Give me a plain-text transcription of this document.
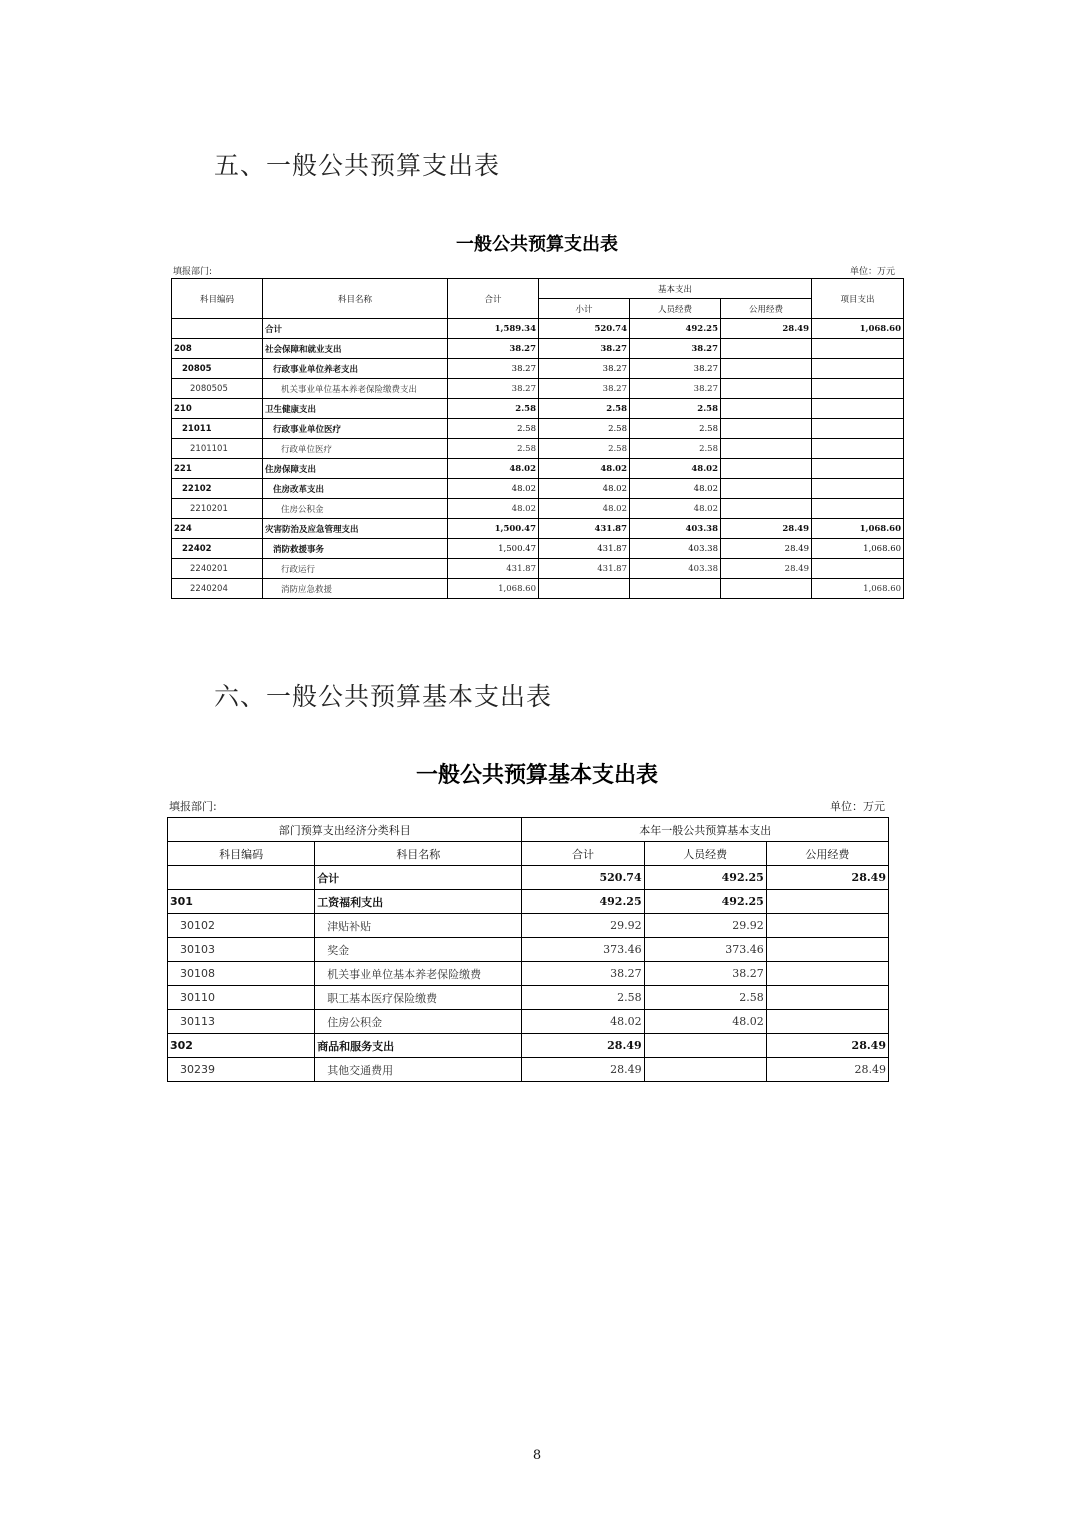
五、一般公共预算支出表
一般公共预算支出表
填报部门:	单位：万元
科目编码	科目名称	合计	基本支出			项目支出
			小计	人员经费	公用经费	
	合计	1,589.34	520.74	492.25	28.49	1,068.60
208	社会保障和就业支出	38.27	38.27	38.27		
20805	行政事业单位养老支出	38.27	38.27	38.27		
2080505	机关事业单位基本养老保险缴费支出	38.27	38.27	38.27		
210	卫生健康支出	2.58	2.58	2.58		
21011	行政事业单位医疗	2.58	2.58	2.58		
2101101	行政单位医疗	2.58	2.58	2.58		
221	住房保障支出	48.02	48.02	48.02		
22102	住房改革支出	48.02	48.02	48.02		
2210201	住房公积金	48.02	48.02	48.02		
224	灾害防治及应急管理支出	1,500.47	431.87	403.38	28.49	1,068.60
22402	消防救援事务	1,500.47	431.87	403.38	28.49	1,068.60
2240201	行政运行	431.87	431.87	403.38	28.49	
2240204	消防应急救援	1,068.60				1,068.60
六、一般公共预算基本支出表
一般公共预算基本支出表
填报部门:	单位：万元
部门预算支出经济分类科目		本年一般公共预算基本支出		
科目编码	科目名称	合计	人员经费	公用经费
	合计	520.74	492.25	28.49
301	工资福利支出	492.25	492.25	
30102	津贴补贴	29.92	29.92	
30103	奖金	373.46	373.46	
30108	机关事业单位基本养老保险缴费	38.27	38.27	
30110	职工基本医疗保险缴费	2.58	2.58	
30113	住房公积金	48.02	48.02	
302	商品和服务支出	28.49		28.49
30239	其他交通费用	28.49		28.49
8
